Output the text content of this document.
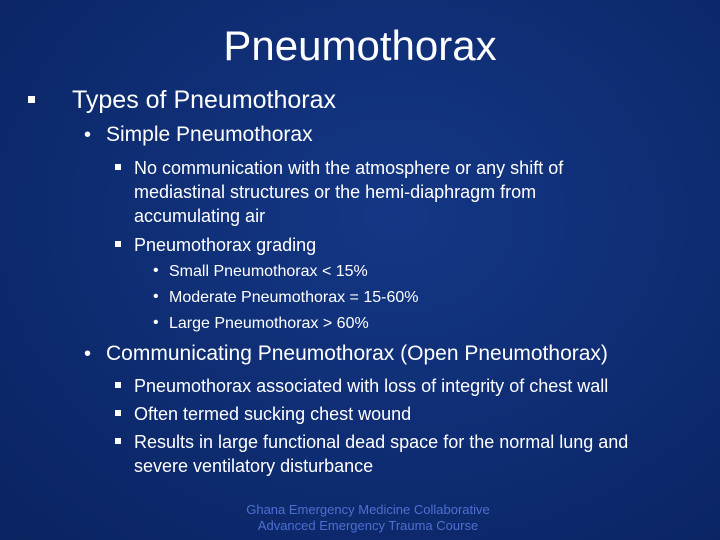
Pneumothorax
Types of Pneumothorax
• Simple Pneumothorax
No communication with the atmosphere or any shift of mediastinal structures or the hemi-diaphragm from accumulating air
Pneumothorax grading
• Small Pneumothorax < 15%
• Moderate Pneumothorax = 15-60%
• Large Pneumothorax > 60%
• Communicating Pneumothorax (Open Pneumothorax)
Pneumothorax associated with loss of integrity of chest wall
Often termed sucking chest wound
Results in large functional dead space for the normal lung and severe ventilatory disturbance
Ghana Emergency Medicine Collaborative
Advanced Emergency Trauma Course
